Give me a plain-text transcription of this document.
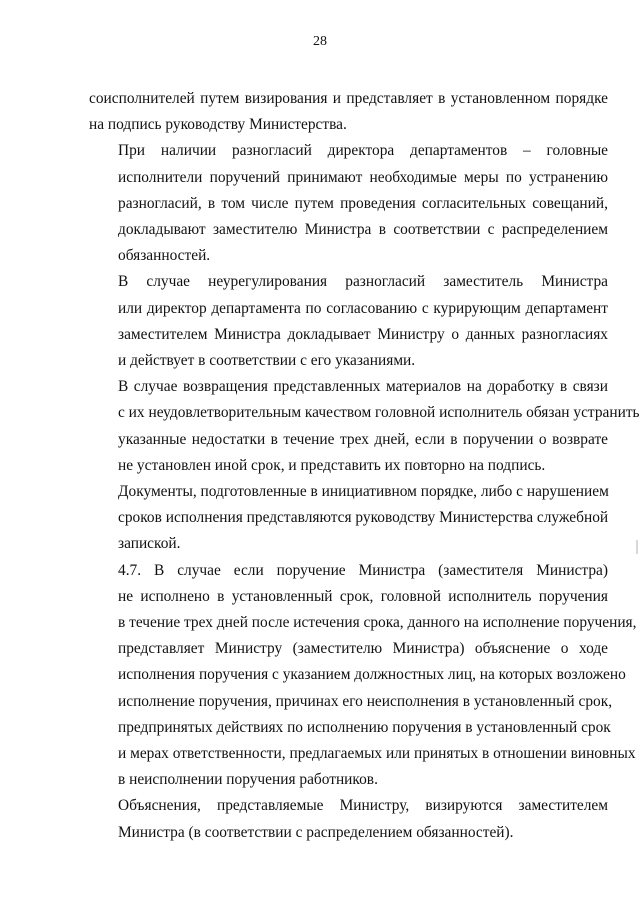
28

соисполнителей путем визирования и представляет в установленном порядке
на подпись руководству Министерства.

При наличии разногласий директора департаментов – головные
исполнители поручений принимают необходимые меры по устранению
разногласий, в том числе путем проведения согласительных совещаний,
докладывают заместителю Министра в соответствии с распределением
обязанностей.

В случае неурегулирования разногласий заместитель Министра
или директор департамента по согласованию с курирующим департамент
заместителем Министра докладывает Министру о данных разногласиях
и действует в соответствии с его указаниями.

В случае возвращения представленных материалов на доработку в связи
с их неудовлетворительным качеством головной исполнитель обязан устранить
указанные недостатки в течение трех дней, если в поручении о возврате
не установлен иной срок, и представить их повторно на подпись.

Документы, подготовленные в инициативном порядке, либо с нарушением
сроков исполнения представляются руководству Министерства служебной
запиской.

4.7. В случае если поручение Министра (заместителя Министра)
не исполнено в установленный срок, головной исполнитель поручения
в течение трех дней после истечения срока, данного на исполнение поручения,
представляет Министру (заместителю Министра) объяснение о ходе
исполнения поручения с указанием должностных лиц, на которых возложено
исполнение поручения, причинах его неисполнения в установленный срок,
предпринятых действиях по исполнению поручения в установленный срок
и мерах ответственности, предлагаемых или принятых в отношении виновных
в неисполнении поручения работников.

Объяснения, представляемые Министру, визируются заместителем
Министра (в соответствии с распределением обязанностей).
